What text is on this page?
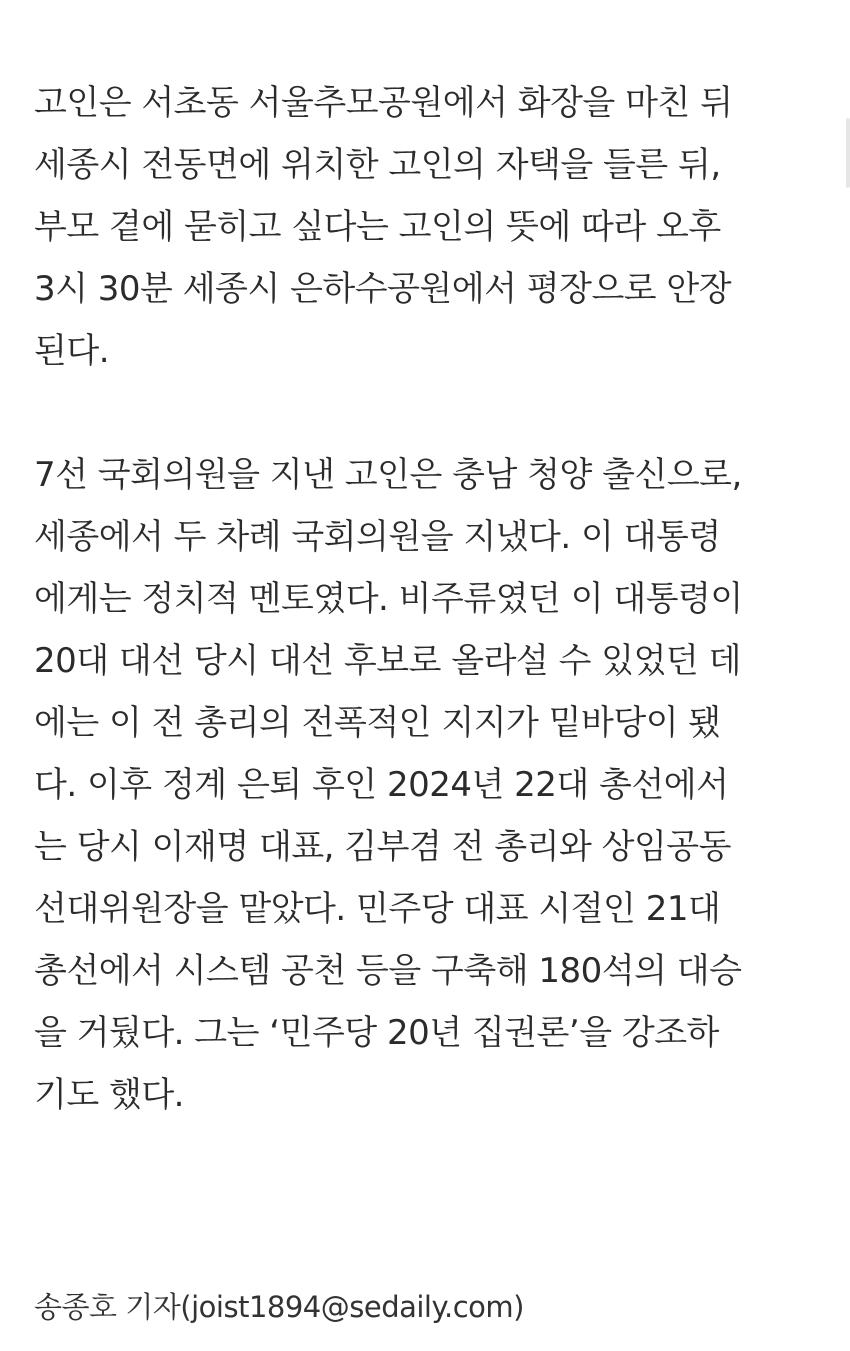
고인은 서초동 서울추모공원에서 화장을 마친 뒤
세종시 전동면에 위치한 고인의 자택을 들른 뒤,
부모 곁에 묻히고 싶다는 고인의 뜻에 따라 오후
3시 30분 세종시 은하수공원에서 평장으로 안장
된다.

7선 국회의원을 지낸 고인은 충남 청양 출신으로,
세종에서 두 차례 국회의원을 지냈다. 이 대통령
에게는 정치적 멘토였다. 비주류였던 이 대통령이
20대 대선 당시 대선 후보로 올라설 수 있었던 데
에는 이 전 총리의 전폭적인 지지가 밑바당이 됐
다. 이후 정계 은퇴 후인 2024년 22대 총선에서
는 당시 이재명 대표, 김부겸 전 총리와 상임공동
선대위원장을 맡았다. 민주당 대표 시절인 21대
총선에서 시스템 공천 등을 구축해 180석의 대승
을 거뒀다. 그는 ‘민주당 20년 집권론’을 강조하
기도 했다.

송종호 기자(joist1894@sedaily.com)
